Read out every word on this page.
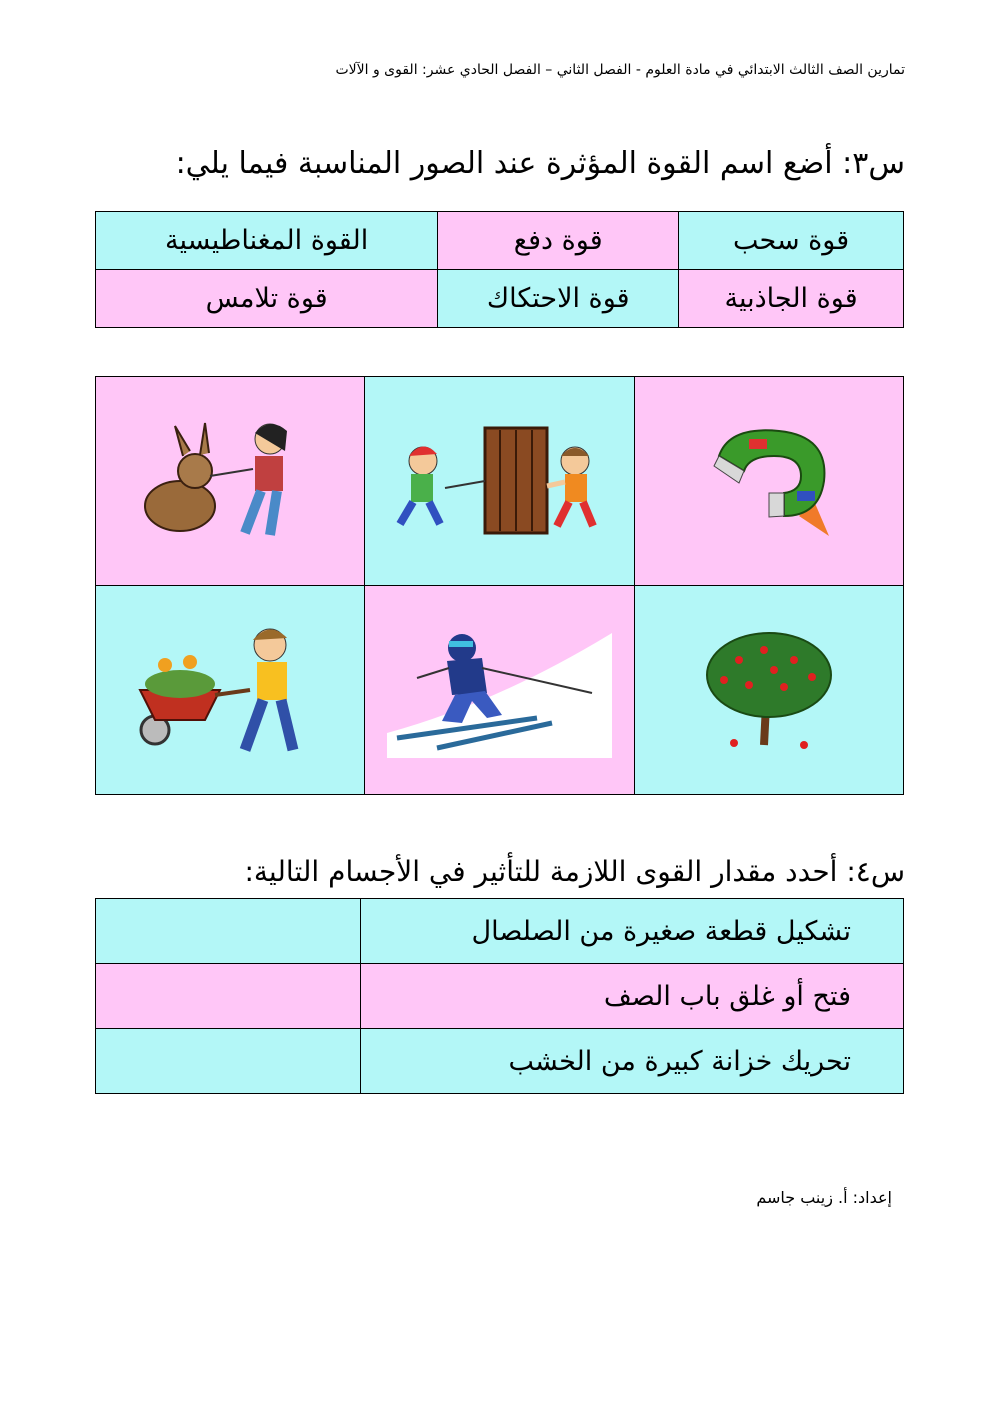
تمارين الصف الثالث الابتدائي في مادة العلوم - الفصل الثاني – الفصل الحادي عشر: القوى و الآلات
س٣: أضع اسم القوة المؤثرة عند الصور المناسبة فيما يلي:
قوة سحب	قوة دفع	القوة المغناطيسية
قوة الجاذبية	قوة الاحتكاك	قوة تلامس

س٤: أحدد مقدار القوى اللازمة للتأثير في الأجسام التالية:
تشكيل قطعة صغيرة من الصلصال	
فتح أو غلق باب الصف	
تحريك خزانة كبيرة من الخشب	
إعداد: أ. زينب جاسم
